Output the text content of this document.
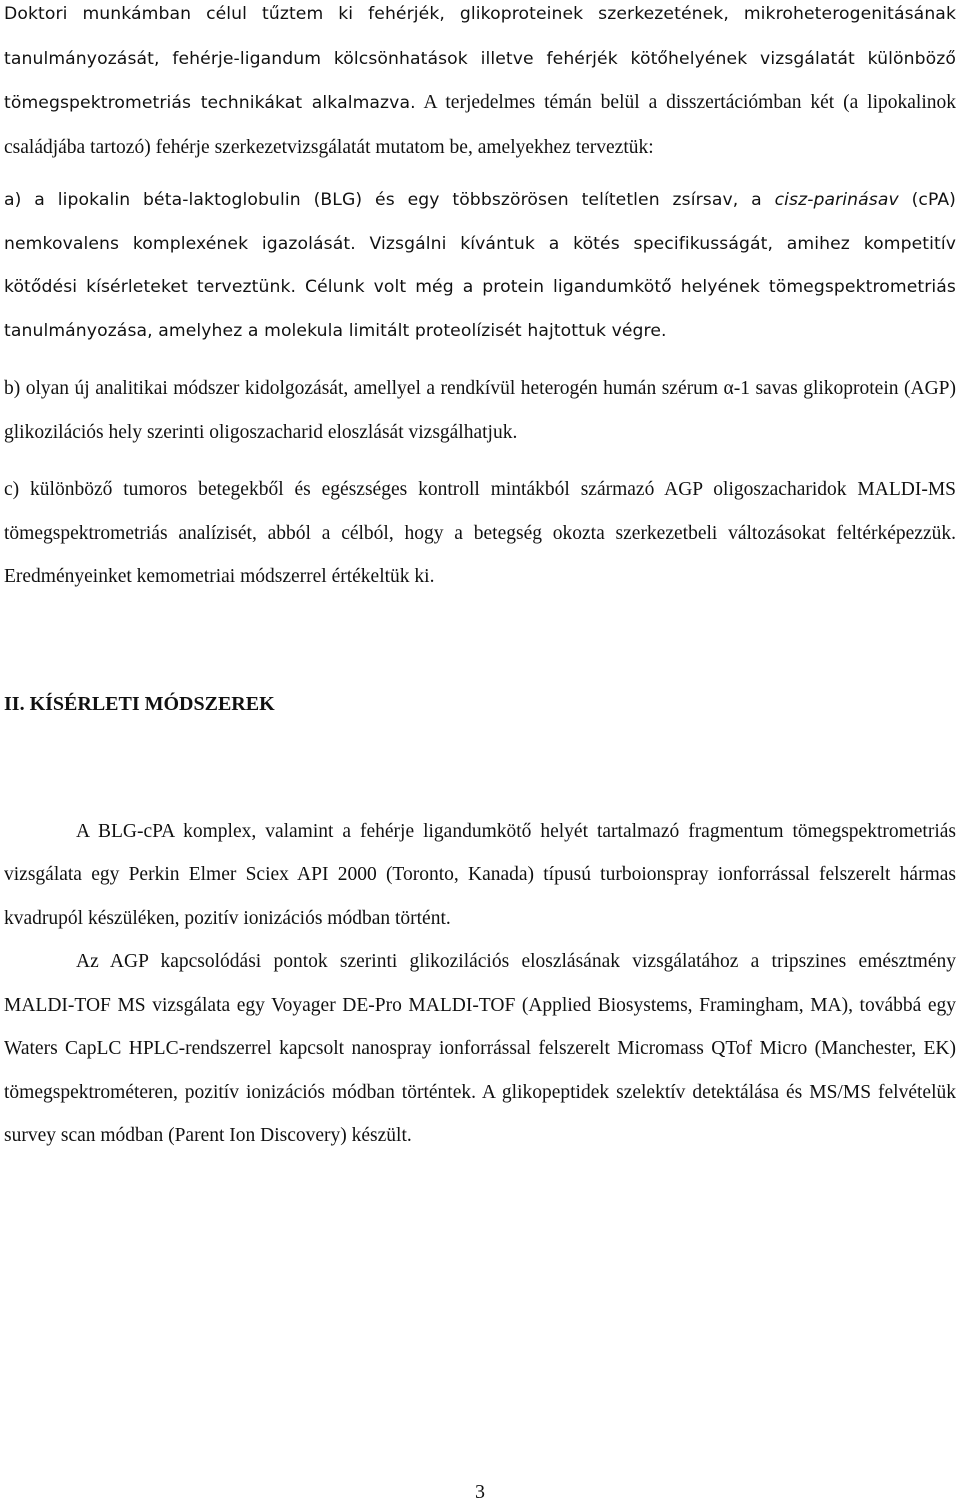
Doktori munkámban célul tűztem ki fehérjék, glikoproteinek szerkezetének, mikroheterogenitásának tanulmányozását, fehérje-ligandum kölcsönhatások illetve fehérjék kötőhelyének vizsgálatát különböző tömegspektrometriás technikákat alkalmazva. A terjedelmes témán belül a disszertációmban két (a lipokalinok családjába tartozó) fehérje szerkezetvizsgálatát mutatom be, amelyekhez terveztük:

a) a lipokalin béta-laktoglobulin (BLG) és egy többszörösen telítetlen zsírsav, a cisz-parinásav (cPA) nemkovalens komplexének igazolását. Vizsgálni kívántuk a kötés specifikusságát, amihez kompetitív kötődési kísérleteket terveztünk. Célunk volt még a protein ligandumkötő helyének tömegspektrometriás tanulmányozása, amelyhez a molekula limitált proteolízisét hajtottuk végre.

b) olyan új analitikai módszer kidolgozását, amellyel a rendkívül heterogén humán szérum α-1 savas glikoprotein (AGP) glikozilációs hely szerinti oligoszacharid eloszlását vizsgálhatjuk.

c) különböző tumoros betegekből és egészséges kontroll mintákból származó AGP oligoszacharidok MALDI-MS tömegspektrometriás analízisét, abból a célból, hogy a betegség okozta szerkezetbeli változásokat feltérképezzük. Eredményeinket kemometriai módszerrel értékeltük ki.

II. KÍSÉRLETI MÓDSZEREK

A BLG-cPA komplex, valamint a fehérje ligandumkötő helyét tartalmazó fragmentum tömegspektrometriás vizsgálata egy Perkin Elmer Sciex API 2000 (Toronto, Kanada) típusú turboionspray ionforrással felszerelt hármas kvadrupól készüléken, pozitív ionizációs módban történt.

Az AGP kapcsolódási pontok szerinti glikozilációs eloszlásának vizsgálatához a tripszines emésztmény MALDI-TOF MS vizsgálata egy Voyager DE-Pro MALDI-TOF (Applied Biosystems, Framingham, MA), továbbá egy Waters CapLC HPLC-rendszerrel kapcsolt nanospray ionforrással felszerelt Micromass QTof Micro (Manchester, EK) tömegspektrométeren, pozitív ionizációs módban történtek. A glikopeptidek szelektív detektálása és MS/MS felvételük survey scan módban (Parent Ion Discovery) készült.

3
